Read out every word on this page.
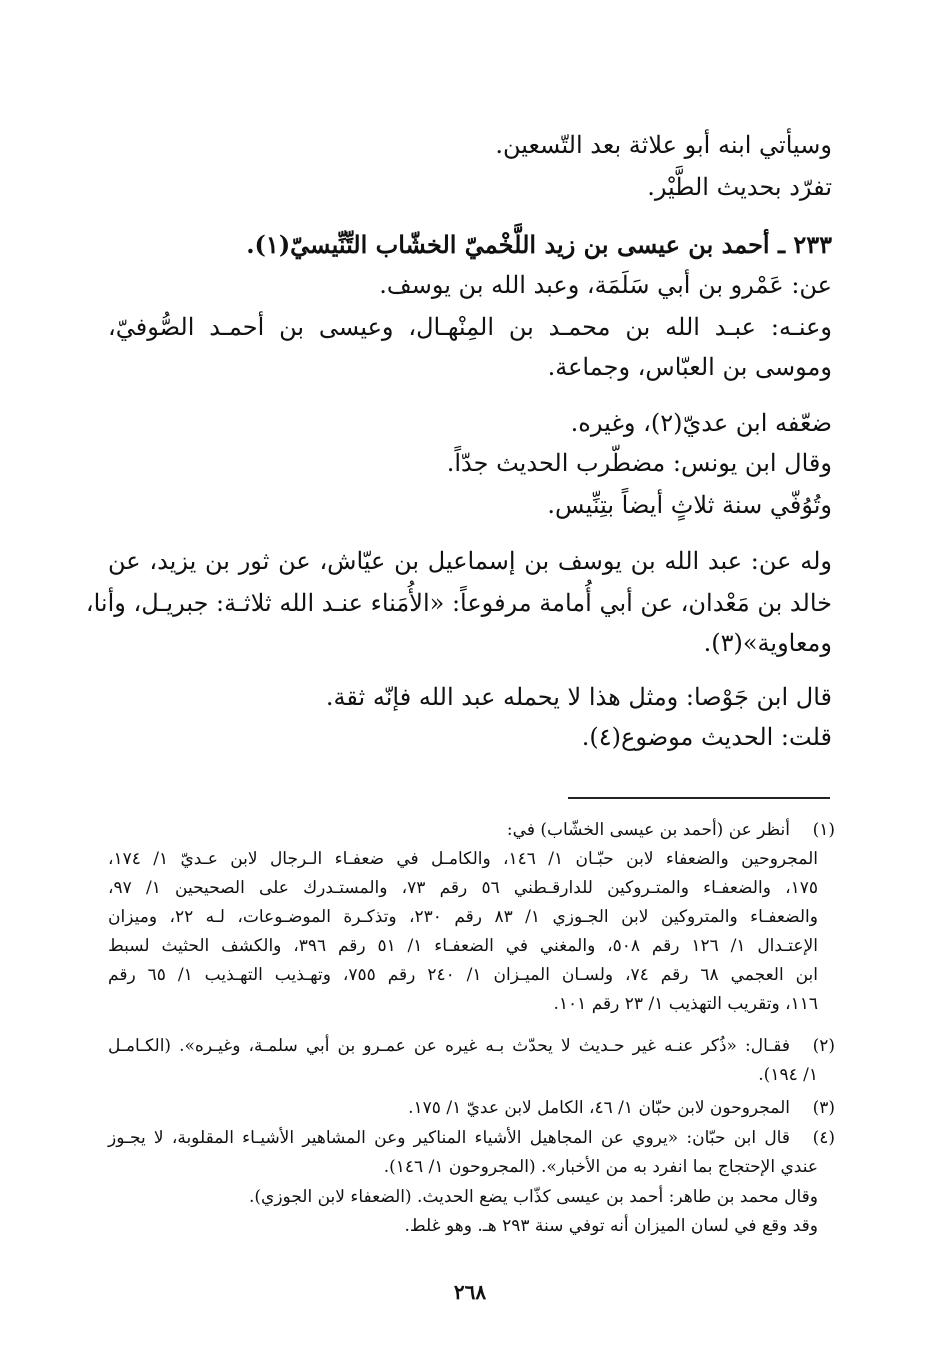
وسيأتي ابنه أبو علاثة بعد التّسعين.
تفرّد بحديث الطَّيْر.
٢٣٣ ـ أحمد بن عيسى بن زيد اللَّخْميّ الخشّاب التِّنِّيسيّ(١).
عن: عَمْرو بن أبي سَلَمَة، وعبد الله بن يوسف.
وعنـه: عبـد الله بن محمـد بن المِنْهـال، وعيسى بن أحمـد الصُّوفيّ،
وموسى بن العبّاس، وجماعة.
ضعّفه ابن عديّ(٢)، وغيره.
وقال ابن يونس: مضطّرب الحديث جدّاً.
وتُوُفّي سنة ثلاثٍ أيضاً بتِنِّيس.
وله عن: عبد الله بن يوسف بن إسماعيل بن عيّاش، عن ثور بن يزيد، عن
خالد بن مَعْدان، عن أبي أُمامة مرفوعاً: «الأُمَناء عنـد الله ثلاثـة: جبريـل، وأنا،
ومعاوية»(٣).
قال ابن جَوْصا: ومثل هذا لا يحمله عبد الله فإنّه ثقة.
قلت: الحديث موضوع(٤).
(١)
(٢)
(٣)
(٤)
أنظر عن (أحمد بن عيسى الخشّاب) في:
المجروحين والضعفاء لابن حبّـان ١/ ١٤٦، والكامـل في ضعفـاء الـرجال لابن عـديّ ١/ ١٧٤،
١٧٥، والضعفـاء والمتـروكين للدارقـطني ٥٦ رقم ٧٣، والمستـدرك على الصحيحين ١/ ٩٧،
والضعفـاء والمتروكين لابن الجـوزي ١/ ٨٣ رقم ٢٣٠، وتذكـرة الموضـوعات، لـه ٢٢، وميزان
الإعتـدال ١/ ١٢٦ رقم ٥٠٨، والمغني في الضعفـاء ١/ ٥١ رقم ٣٩٦، والكشف الحثيث لسبط
ابن العجمي ٦٨ رقم ٧٤، ولسـان الميـزان ١/ ٢٤٠ رقم ٧٥٥، وتهـذيب التهـذيب ١/ ٦٥ رقم
١١٦، وتقريب التهذيب ١/ ٢٣ رقم ١٠١.
فقـال: «ذُكر عنـه غير حـديث لا يحدّث بـه غيره عن عمـرو بن أبي سلمـة، وغيـره». (الكـامـل
١/ ١٩٤).
المجروحون لابن حبّان ١/ ٤٦، الكامل لابن عديّ ١/ ١٧٥.
قال ابن حبّان: «يروي عن المجاهيل الأشياء المناكير وعن المشاهير الأشيـاء المقلوبة، لا يجـوز
عندي الإحتجاج بما انفرد به من الأخبار». (المجروحون ١/ ١٤٦).
وقال محمد بن طاهر: أحمد بن عيسى كذّاب يضع الحديث. (الضعفاء لابن الجوزي).
وقد وقع في لسان الميزان أنه توفي سنة ٢٩٣ هـ. وهو غلط.
٢٦٨
